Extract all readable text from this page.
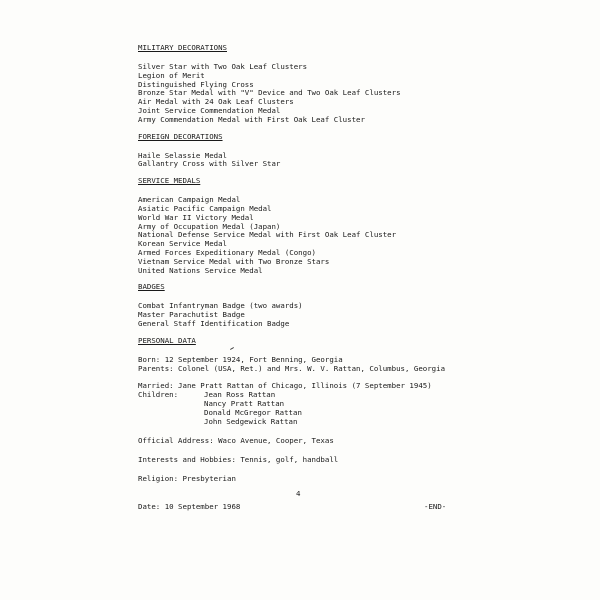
MILITARY DECORATIONS

Silver Star with Two Oak Leaf Clusters
Legion of Merit
Distinguished Flying Cross
Bronze Star Medal with "V" Device and Two Oak Leaf Clusters
Air Medal with 24 Oak Leaf Clusters
Joint Service Commendation Medal
Army Commendation Medal with First Oak Leaf Cluster

FOREIGN DECORATIONS

Haile Selassie Medal
Gallantry Cross with Silver Star

SERVICE MEDALS

American Campaign Medal
Asiatic Pacific Campaign Medal
World War II Victory Medal
Army of Occupation Medal (Japan)
National Defense Service Medal with First Oak Leaf Cluster
Korean Service Medal
Armed Forces Expeditionary Medal (Congo)
Vietnam Service Medal with Two Bronze Stars
United Nations Service Medal

BADGES

Combat Infantryman Badge (two awards)
Master Parachutist Badge
General Staff Identification Badge

PERSONAL DATA

Born: 12 September 1924, Fort Benning, Georgia
Parents: Colonel (USA, Ret.) and Mrs. W. V. Rattan, Columbus, Georgia
Married: Jane Pratt Rattan of Chicago, Illinois (7 September 1945)
Children:	Jean Ross Rattan
Nancy Pratt Rattan
Donald McGregor Rattan
John Sedgewick Rattan
Official Address: Waco Avenue, Cooper, Texas
Interests and Hobbies: Tennis, golf, handball
Religion: Presbyterian
4
Date: 10 September 1968	-END-
